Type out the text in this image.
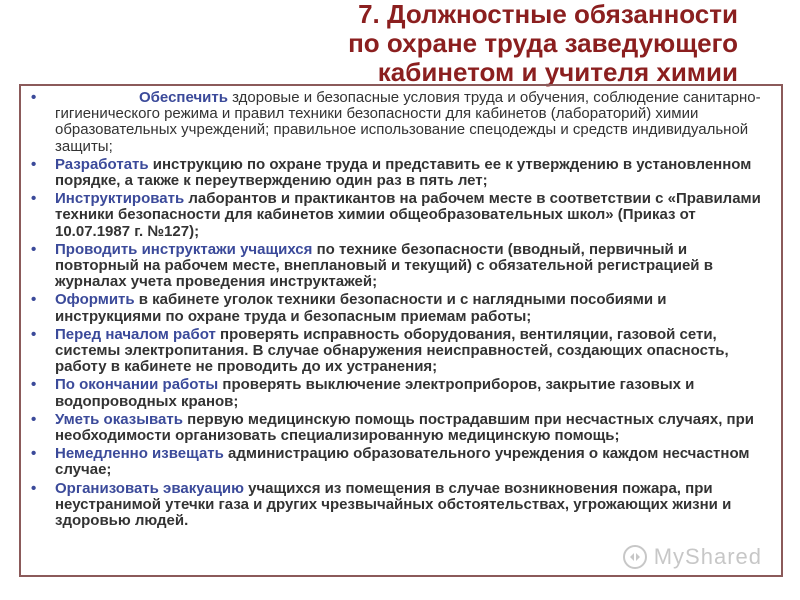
7. Должностные обязанности
по охране труда заведующего
кабинетом и учителя химии
•	Обеспечить здоровые и безопасные условия труда и обучения, соблюдение санитарно-гигиенического режима и правил техники безопасности для кабинетов (лабораторий) химии образовательных учреждений; правильное использование спецодежды и средств индивидуальной защиты;
• Разработать инструкцию по охране труда и представить ее к утверждению в установленном порядке, а также к переутверждению один раз в пять лет;
• Инструктировать лаборантов и практикантов на рабочем месте в соответствии с «Правилами техники безопасности для кабинетов химии общеобразовательных школ» (Приказ от 10.07.1987 г. №127);
• Проводить инструктажи учащихся по технике безопасности (вводный, первичный и повторный на рабочем месте, внеплановый и текущий) с обязательной регистрацией в журналах учета проведения инструктажей;
• Оформить в кабинете уголок техники безопасности и с наглядными пособиями и инструкциями по охране труда и безопасным приемам работы;
• Перед началом работ проверять исправность оборудования, вентиляции, газовой сети, системы электропитания. В случае обнаружения неисправностей, создающих опасность, работу в кабинете не проводить до их устранения;
• По окончании работы проверять выключение электроприборов, закрытие газовых и водопроводных кранов;
• Уметь оказывать первую медицинскую помощь пострадавшим при несчастных случаях, при необходимости организовать специализированную медицинскую помощь;
• Немедленно извещать администрацию образовательного учреждения о каждом несчастном случае;
• Организовать эвакуацию учащихся из помещения в случае возникновения пожара, при неустранимой утечки газа и других чрезвычайных обстоятельствах, угрожающих жизни и здоровью людей.
MyShared
